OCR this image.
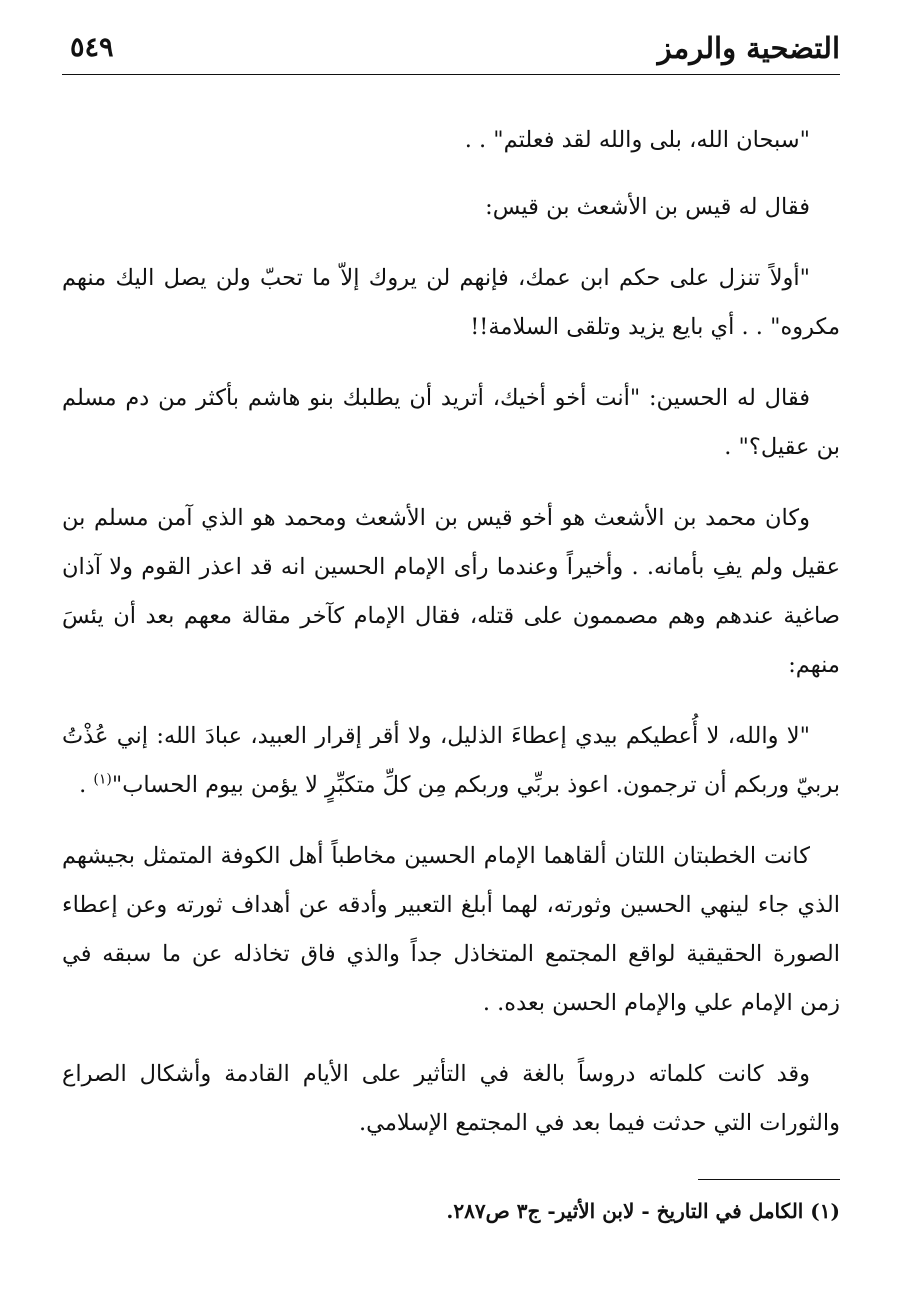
التضحية والرمز
٥٤٩

"سبحان الله، بلى والله لقد فعلتم" . .

فقال له قيس بن الأشعث بن قيس:

"أولاً تنزل على حكم ابن عمك، فإنهم لن يروك إلاّ ما تحبّ ولن يصل اليك منهم مكروه" . . أي بايع يزيد وتلقى السلامة!!

فقال له الحسين: "أنت أخو أخيك، أتريد أن يطلبك بنو هاشم بأكثر من دم مسلم بن عقيل؟" .

وكان محمد بن الأشعث هو أخو قيس بن الأشعث ومحمد هو الذي آمن مسلم بن عقيل ولم يفِ بأمانه. . وأخيراً وعندما رأى الإمام الحسين انه قد اعذر القوم ولا آذان صاغية عندهم وهم مصممون على قتله، فقال الإمام كآخر مقالة معهم بعد أن يئسَ منهم:

"لا والله، لا أُعطيكم بيدي إعطاءَ الذليل، ولا أقر إقرار العبيد، عبادَ الله: إني عُذْتُ بربيّ وربكم أن ترجمون. اعوذ بربِّي وربكم مِن كلِّ متكبِّرٍ لا يؤمن بيوم الحساب"$^{(١)}$ .

كانت الخطبتان اللتان ألقاهما الإمام الحسين مخاطباً أهل الكوفة المتمثل بجيشهم الذي جاء لينهي الحسين وثورته، لهما أبلغ التعبير وأدقه عن أهداف ثورته وعن إعطاء الصورة الحقيقية لواقع المجتمع المتخاذل جداً والذي فاق تخاذله عن ما سبقه في زمن الإمام علي والإمام الحسن بعده. .

وقد كانت كلماته دروساً بالغة في التأثير على الأيام القادمة وأشكال الصراع والثورات التي حدثت فيما بعد في المجتمع الإسلامي.

(١) الكامل في التاريخ - لابن الأثير- ج٣ ص٢٨٧.
